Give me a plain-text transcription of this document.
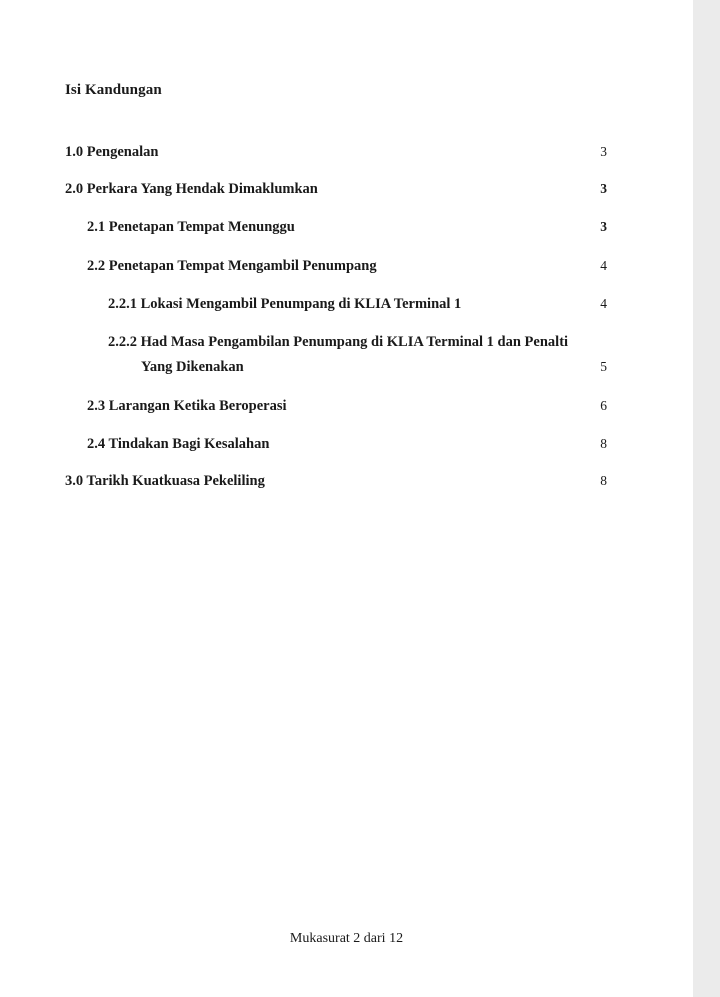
Isi Kandungan
1.0 Pengenalan	3
2.0 Perkara Yang Hendak Dimaklumkan	3
2.1 Penetapan Tempat Menunggu	3
2.2 Penetapan Tempat Mengambil Penumpang	4
2.2.1 Lokasi Mengambil Penumpang di KLIA Terminal 1	4
2.2.2 Had Masa Pengambilan Penumpang di KLIA Terminal 1 dan Penalti
Yang Dikenakan	5
2.3 Larangan Ketika Beroperasi	6
2.4 Tindakan Bagi Kesalahan	8
3.0 Tarikh Kuatkuasa Pekeliling	8
Mukasurat 2 dari 12
